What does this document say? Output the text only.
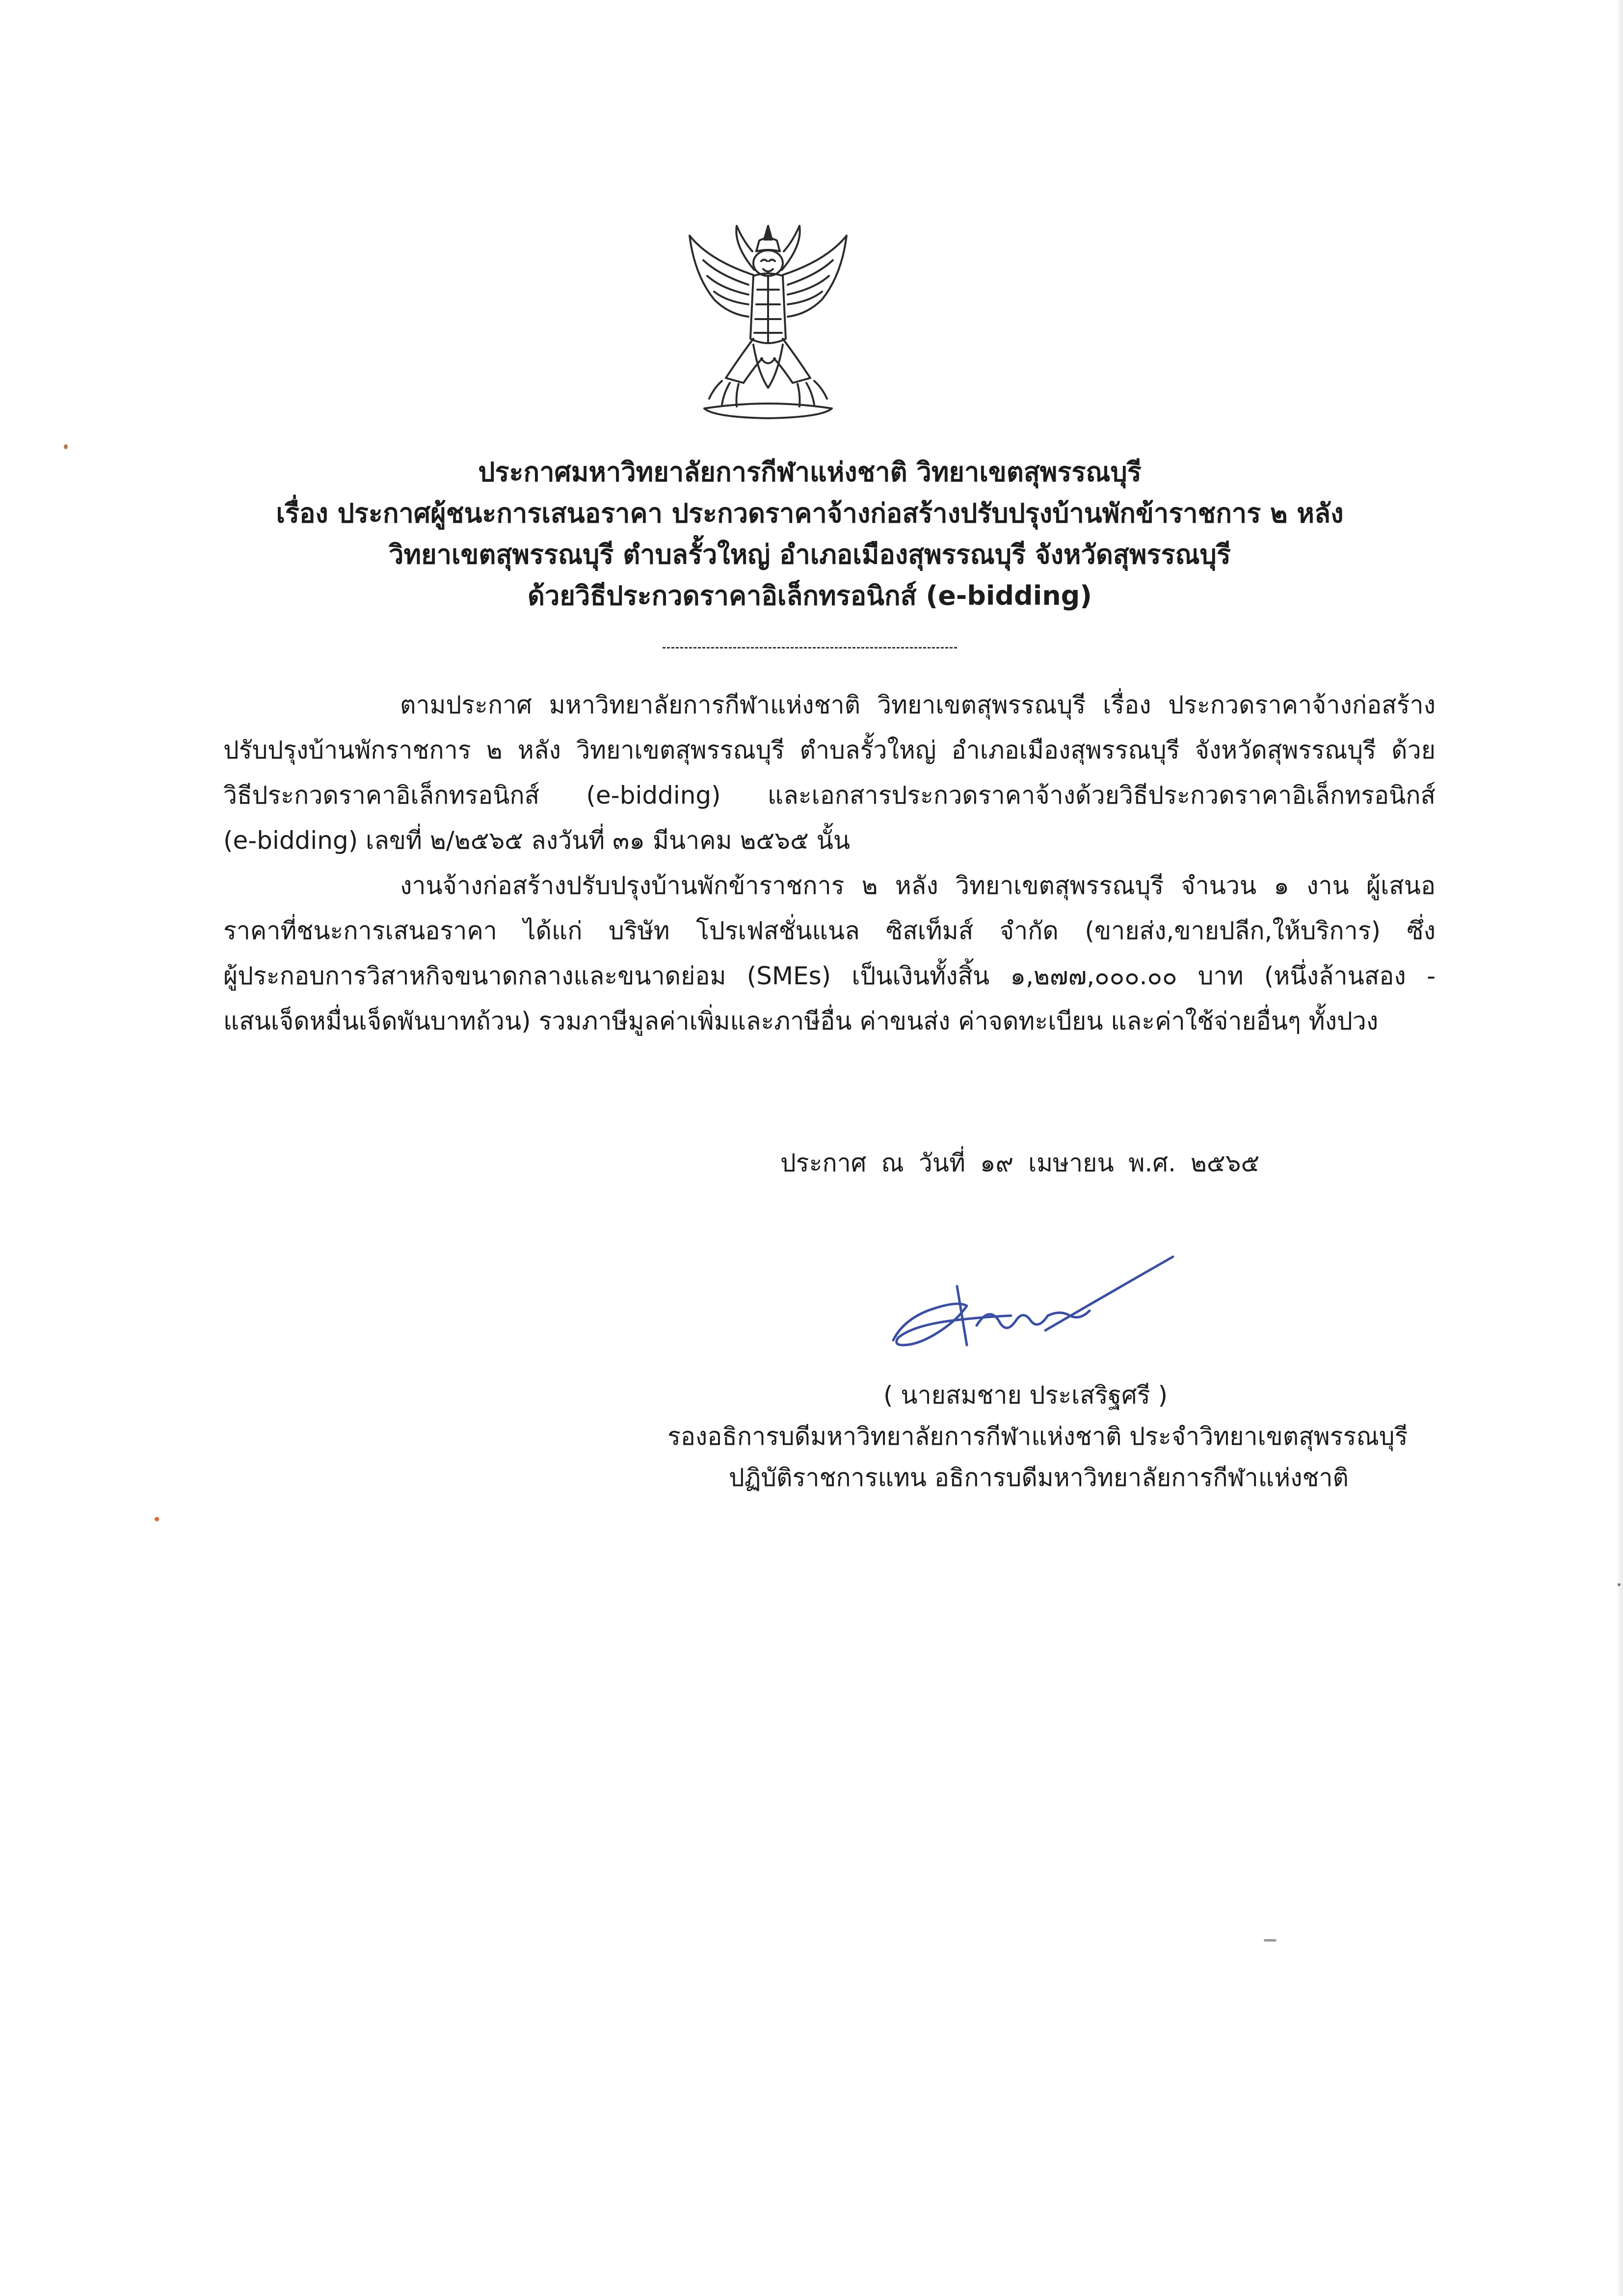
ประกาศมหาวิทยาลัยการกีฬาแห่งชาติ วิทยาเขตสุพรรณบุรี
เรื่อง ประกาศผู้ชนะการเสนอราคา ประกวดราคาจ้างก่อสร้างปรับปรุงบ้านพักข้าราชการ ๒ หลัง
วิทยาเขตสุพรรณบุรี ตำบลรั้วใหญ่ อำเภอเมืองสุพรรณบุรี จังหวัดสุพรรณบุรี
ด้วยวิธีประกวดราคาอิเล็กทรอนิกส์ (e-bidding)
ตามประกาศ มหาวิทยาลัยการกีฬาแห่งชาติ วิทยาเขตสุพรรณบุรี เรื่อง ประกวดราคาจ้างก่อสร้าง
ปรับปรุงบ้านพักราชการ ๒ หลัง วิทยาเขตสุพรรณบุรี ตำบลรั้วใหญ่ อำเภอเมืองสุพรรณบุรี จังหวัดสุพรรณบุรี ด้วย
วิธีประกวดราคาอิเล็กทรอนิกส์ (e-bidding) และเอกสารประกวดราคาจ้างด้วยวิธีประกวดราคาอิเล็กทรอนิกส์
(e-bidding) เลขที่ ๒/๒๕๖๕ ลงวันที่ ๓๑ มีนาคม ๒๕๖๕ นั้น
งานจ้างก่อสร้างปรับปรุงบ้านพักข้าราชการ ๒ หลัง วิทยาเขตสุพรรณบุรี จำนวน ๑ งาน ผู้เสนอ
ราคาที่ชนะการเสนอราคา ได้แก่ บริษัท โปรเฟสชั่นแนล ซิสเท็มส์ จำกัด (ขายส่ง,ขายปลีก,ให้บริการ) ซึ่ง
ผู้ประกอบการวิสาหกิจขนาดกลางและขนาดย่อม (SMEs) เป็นเงินทั้งสิ้น ๑,๒๗๗,๐๐๐.๐๐ บาท (หนึ่งล้านสอง -
แสนเจ็ดหมื่นเจ็ดพันบาทถ้วน) รวมภาษีมูลค่าเพิ่มและภาษีอื่น ค่าขนส่ง ค่าจดทะเบียน และค่าใช้จ่ายอื่นๆ ทั้งปวง
ประกาศ ณ วันที่ ๑๙ เมษายน พ.ศ. ๒๕๖๕
( นายสมชาย ประเสริฐศรี )
รองอธิการบดีมหาวิทยาลัยการกีฬาแห่งชาติ ประจำวิทยาเขตสุพรรณบุรี
ปฏิบัติราชการแทน อธิการบดีมหาวิทยาลัยการกีฬาแห่งชาติ
